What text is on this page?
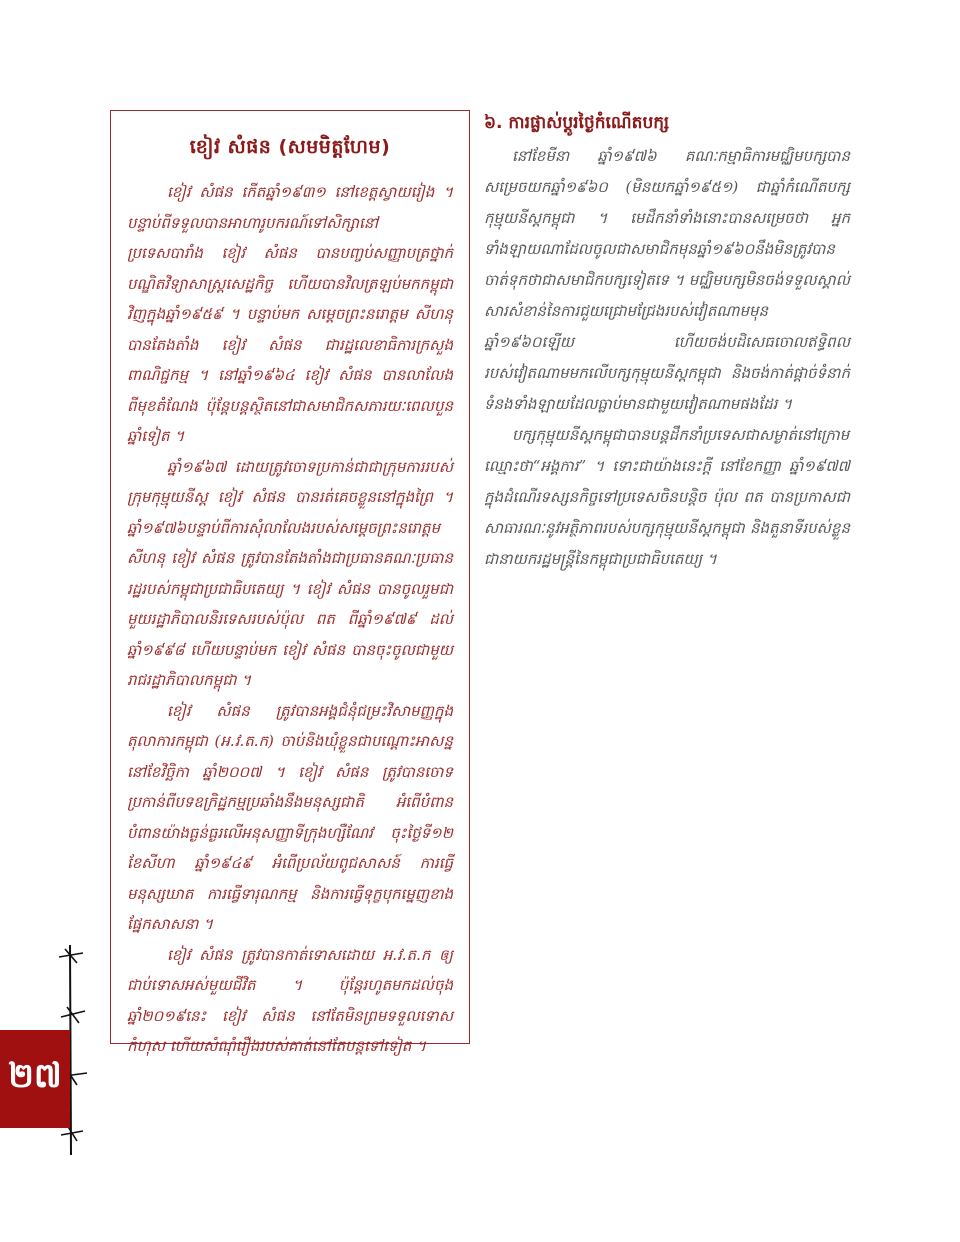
ខៀវ សំផន (សមមិត្តហែម)

ខៀវ សំផន កើតឆ្នាំ១៩៣១ នៅខេត្តស្វាយរៀង ។ បន្ទាប់ពីទទួលបានអាហារូបករណ៍ទៅសិក្សានៅប្រទេសបារាំង ខៀវ សំផន បានបញ្ចប់សញ្ញាបត្រថ្នាក់បណ្ឌិតវិទ្យាសាស្ត្រសេដ្ឋកិច្ច ហើយបានវិលត្រឡប់មកកម្ពុជាវិញក្នុងឆ្នាំ១៩៥៩ ។ បន្ទាប់មក សម្តេចព្រះនរោត្តម សីហនុ បានតែងតាំង ខៀវ សំផន ជារដ្ឋលេខាធិការក្រសួងពាណិជ្ជកម្ម ។ នៅឆ្នាំ១៩៦៤ ខៀវ សំផន បានលាលែងពីមុខតំណែង ប៉ុន្តែបន្តស្ថិតនៅជាសមាជិកសភារយៈពេលបួនឆ្នាំទៀត ។

ឆ្នាំ១៩៦៧ ដោយត្រូវចោទប្រកាន់ជាជាក្រុមការរបស់ក្រុមកុម្មុយនីស្ត ខៀវ សំផន បានរត់គេចខ្លួននៅក្នុងព្រៃ ។ ឆ្នាំ១៩៧៦បន្ទាប់ពីការសុំលាលែងរបស់សម្តេចព្រះនរោត្តម សីហនុ ខៀវ សំផន ត្រូវបានតែងតាំងជាប្រធានគណៈប្រធានរដ្ឋរបស់កម្ពុជាប្រជាធិបតេយ្យ ។ ខៀវ សំផន បានចូលរួមជាមួយរដ្ឋាភិបាលនិរទេសរបស់ប៉ុល ពត ពីឆ្នាំ១៩៧៩ ដល់ឆ្នាំ១៩៩៨ ហើយបន្ទាប់មក ខៀវ សំផន បានចុះចូលជាមួយរាជរដ្ឋាភិបាលកម្ពុជា ។

ខៀវ សំផន ត្រូវបានអង្គជំនុំជម្រះវិសាមញ្ញក្នុងតុលាការកម្ពុជា (អ.វ.ត.ក) ចាប់និងឃុំខ្លួនជាបណ្តោះអាសន្ននៅខែវិច្ឆិកា ឆ្នាំ២០០៧ ។ ខៀវ សំផន ត្រូវបានចោទប្រកាន់ពីបទឧក្រិដ្ឋកម្មប្រឆាំងនឹងមនុស្សជាតិ អំពើបំពានបំពានយ៉ាងធ្ងន់ធ្ងរលើអនុសញ្ញាទីក្រុងហ្សឺណែវ ចុះថ្ងៃទី១២ ខែសីហា ឆ្នាំ១៩៤៩ អំពើប្រល័យពូជសាសន៍ ការធ្វើមនុស្សឃាត ការធ្វើទារុណកម្ម និងការធ្វើទុក្ខបុកម្នេញខាងផ្នែកសាសនា ។

ខៀវ សំផន ត្រូវបានកាត់ទោសដោយ អ.វ.ត.ក ឲ្យជាប់ទោសអស់មួយជីវិត ។ ប៉ុន្តែរហូតមកដល់ចុងឆ្នាំ២០១៩នេះ ខៀវ សំផន នៅតែមិនព្រមទទួលទោសកំហុស ហើយសំណុំរឿងរបស់គាត់នៅតែបន្តទៅទៀត ។

៦. ការផ្លាស់ប្តូរថ្ងៃកំណើតបក្ស

នៅខែមីនា ឆ្នាំ១៩៧៦ គណៈកម្មាធិការមជ្ឈិមបក្សបានសម្រេចយកឆ្នាំ១៩៦០ (មិនយកឆ្នាំ១៩៥១) ជាឆ្នាំកំណើតបក្សកុម្មុយនីស្តកម្ពុជា ។ មេដឹកនាំទាំងនោះបានសម្រេចថា អ្នកទាំងឡាយណាដែលចូលជាសមាជិកមុនឆ្នាំ១៩៦០នឹងមិនត្រូវបានចាត់ទុកថាជាសមាជិកបក្សទៀតទេ ។ មជ្ឈិមបក្សមិនចង់ទទួលស្គាល់សារសំខាន់នៃការជួយជ្រោមជ្រែងរបស់វៀតណាមមុនឆ្នាំ១៩៦០ឡើយ ហើយចង់បដិសេធចោលឥទ្ធិពលរបស់វៀតណាមមកលើបក្សកុម្មុយនីស្តកម្ពុជា និងចង់កាត់ផ្តាច់ទំនាក់ទំនងទាំងឡាយដែលធ្លាប់មានជាមួយវៀតណាមផងដែរ ។

បក្សកុម្មុយនីស្តកម្ពុជាបានបន្តដឹកនាំប្រទេសជាសម្ងាត់នៅក្រោមឈ្មោះថា“អង្គការ” ។ ទោះជាយ៉ាងនេះក្តី នៅខែកញ្ញា ឆ្នាំ១៩៧៧ ក្នុងដំណើរទស្សនកិច្ចទៅប្រទេសចិនបន្តិច ប៉ុល ពត បានប្រកាសជាសាធារណៈនូវអត្ថិភាពរបស់បក្សកុម្មុយនីស្តកម្ពុជា និងតួនាទីរបស់ខ្លួនជានាយករដ្ឋមន្ត្រីនៃកម្ពុជាប្រជាធិបតេយ្យ ។

២៧
